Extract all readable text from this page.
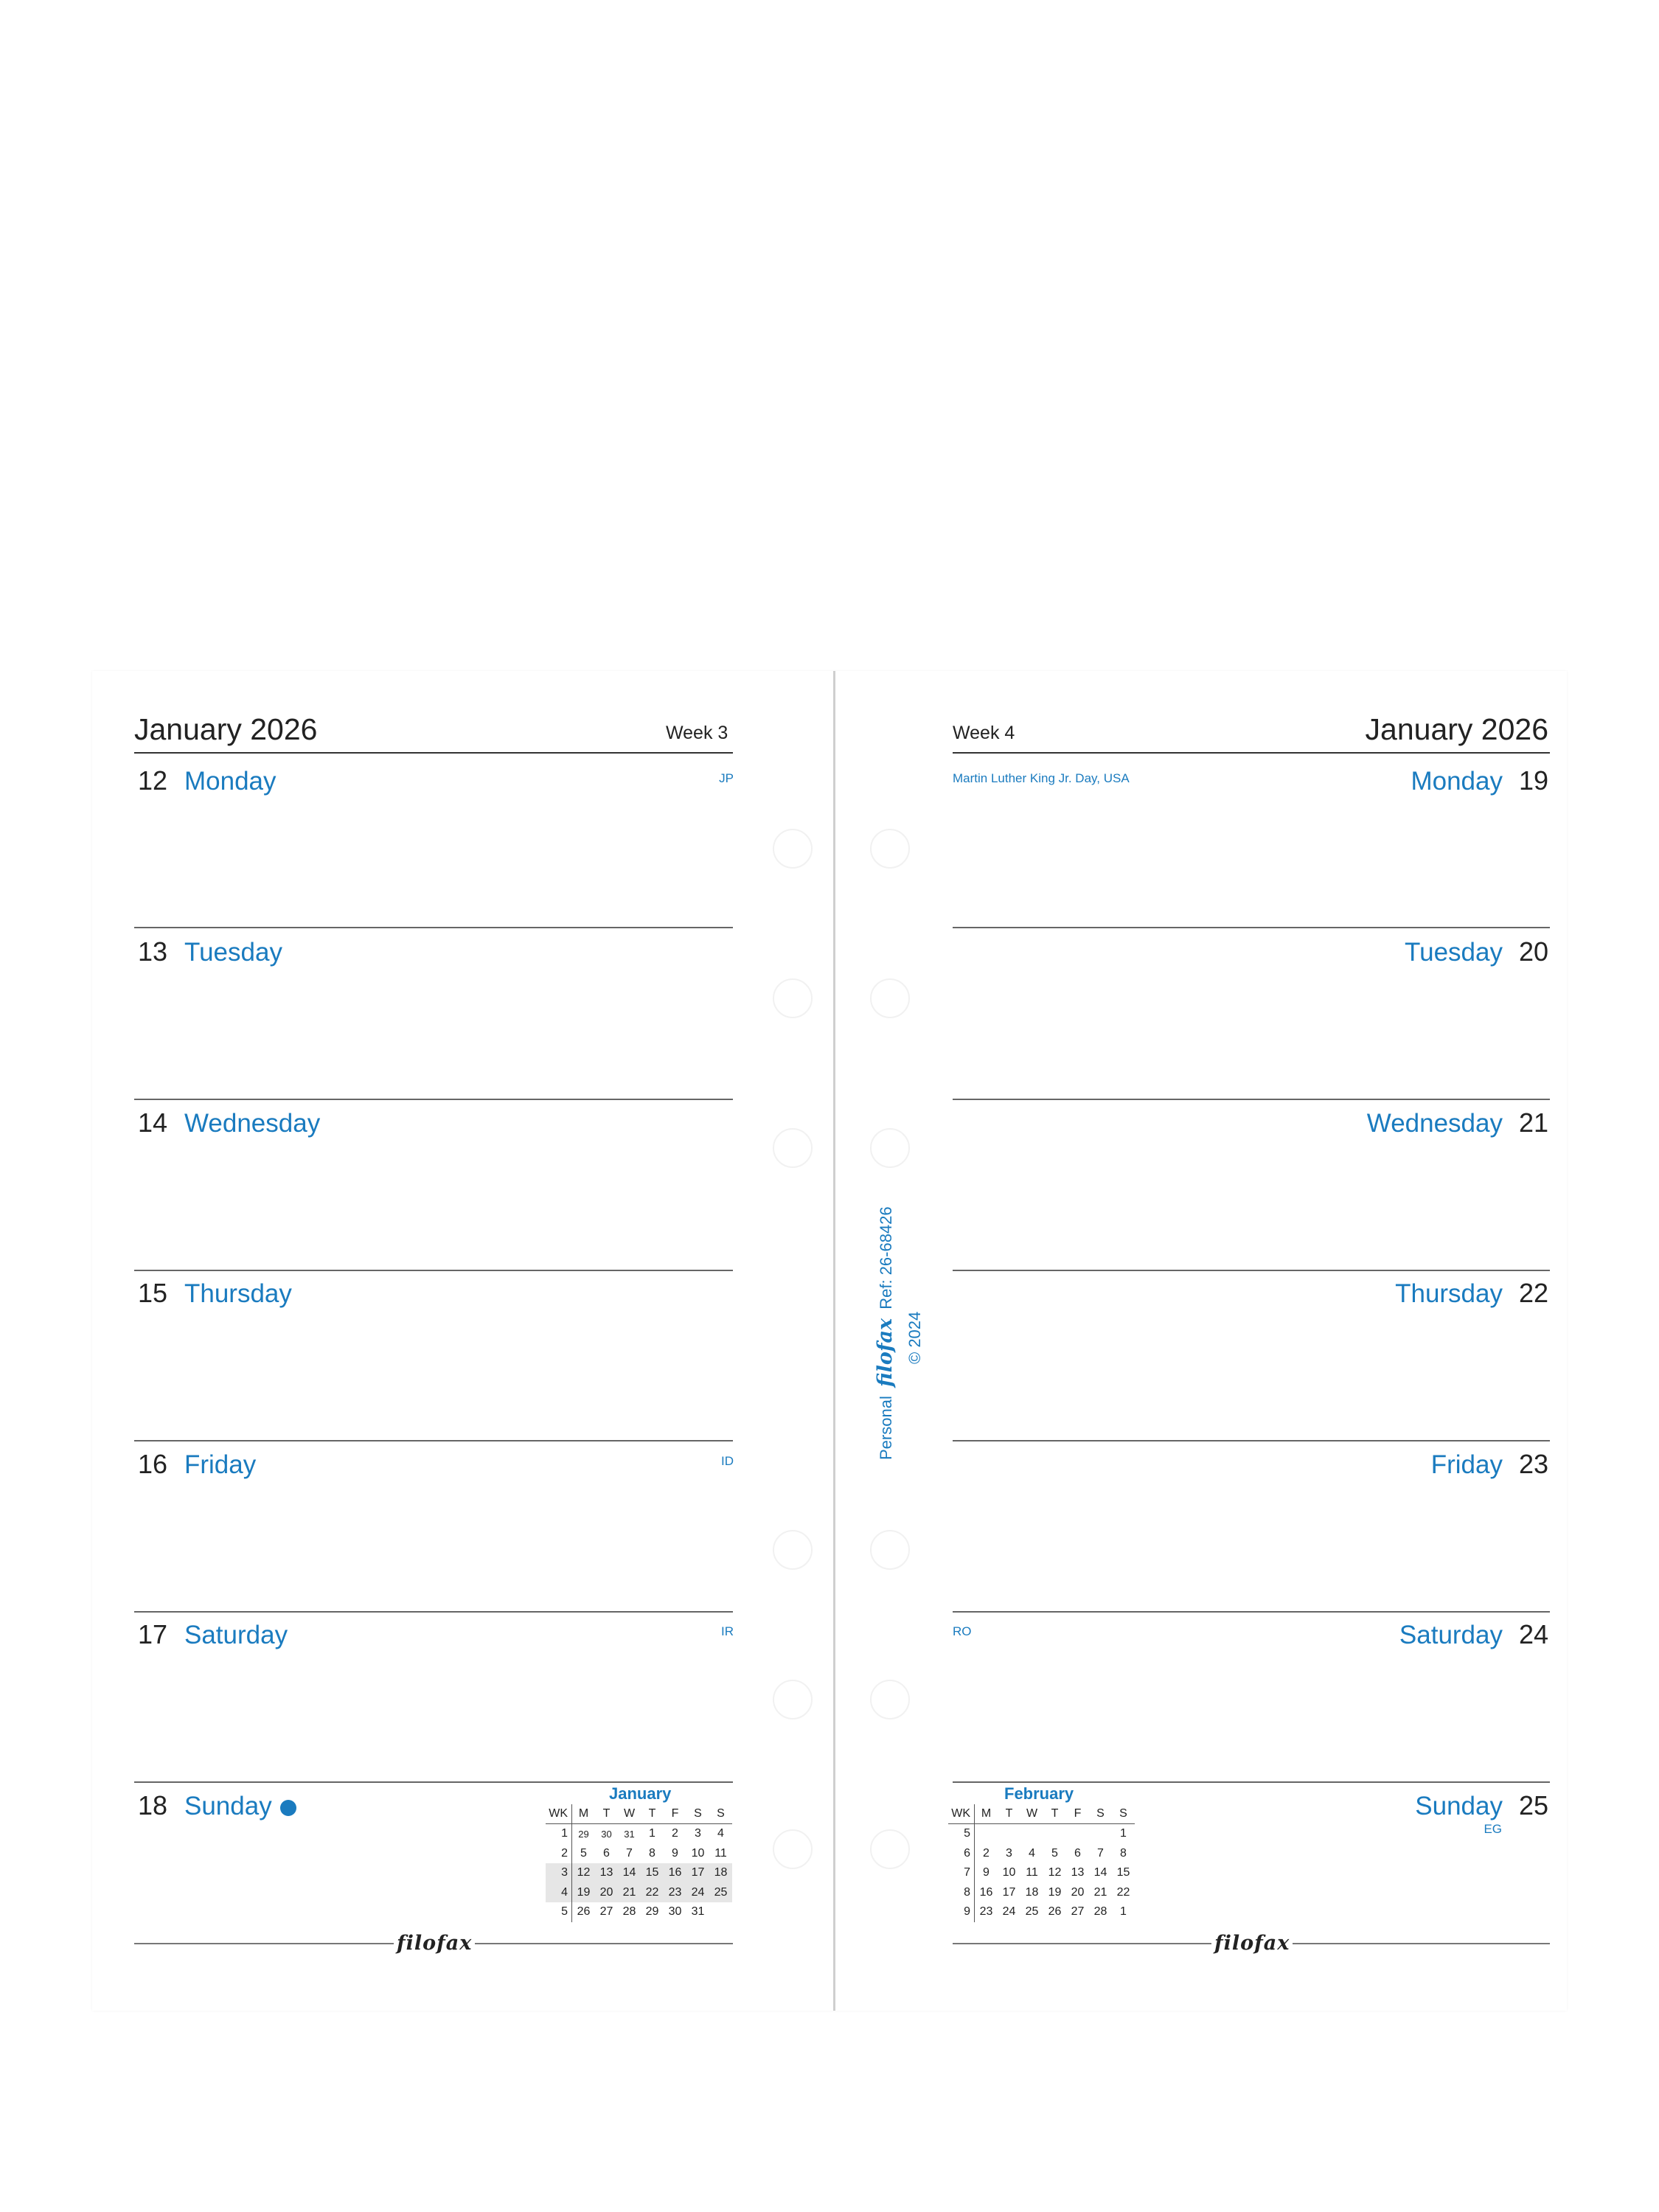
January 2026	Week 3	Week 4	January 2026
12 Monday	JP
13 Tuesday
14 Wednesday
15 Thursday
16 Friday	ID
17 Saturday	IR
18 Sunday
Martin Luther King Jr. Day, USA	Monday 19
Tuesday 20
Wednesday 21
Thursday 22
Friday 23
RO	Saturday 24
Sunday 25
EG
Personal filofax Ref: 26-68426
© 2024
January
WK	M	T	W	T	F	S	S
1	29	30	31	1	2	3	4
2	5	6	7	8	9	10	11
3	12	13	14	15	16	17	18
4	19	20	21	22	23	24	25
5	26	27	28	29	30	31	
February
WK	M	T	W	T	F	S	S
5							1
6	2	3	4	5	6	7	8
7	9	10	11	12	13	14	15
8	16	17	18	19	20	21	22
9	23	24	25	26	27	28	1
filofax	filofax
